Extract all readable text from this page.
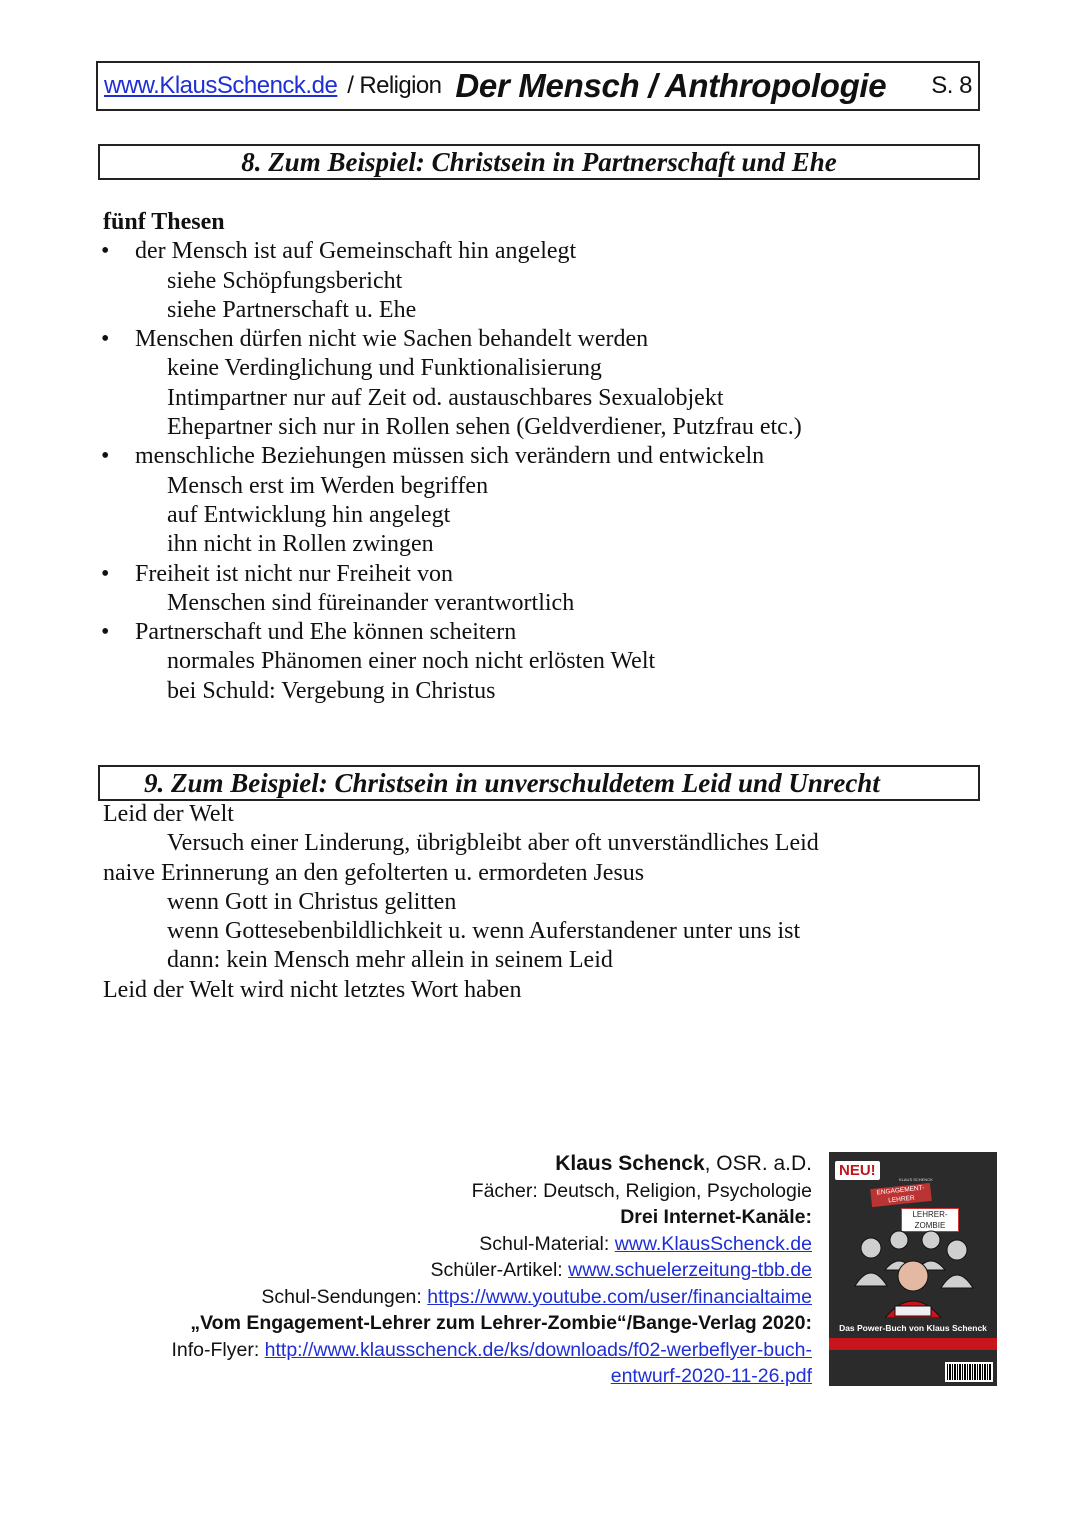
www.KlausSchenck.de / Religion Der Mensch / Anthropologie S. 8
8. Zum Beispiel: Christsein in Partnerschaft und Ehe
fünf Thesen
• der Mensch ist auf Gemeinschaft hin angelegt
siehe Schöpfungsbericht
siehe Partnerschaft u. Ehe
• Menschen dürfen nicht wie Sachen behandelt werden
keine Verdinglichung und Funktionalisierung
Intimpartner nur auf Zeit od. austauschbares Sexualobjekt
Ehepartner sich nur in Rollen sehen (Geldverdiener, Putzfrau etc.)
• menschliche Beziehungen müssen sich verändern und entwickeln
Mensch erst im Werden begriffen
auf Entwicklung hin angelegt
ihn nicht in Rollen zwingen
• Freiheit ist nicht nur Freiheit von
Menschen sind füreinander verantwortlich
• Partnerschaft und Ehe können scheitern
normales Phänomen einer noch nicht erlösten Welt
bei Schuld: Vergebung in Christus
9. Zum Beispiel: Christsein in unverschuldetem Leid und Unrecht
Leid der Welt
Versuch einer Linderung, übrigbleibt aber oft unverständliches Leid
naive Erinnerung an den gefolterten u. ermordeten Jesus
wenn Gott in Christus gelitten
wenn Gottesebenbildlichkeit u. wenn Auferstandener unter uns ist
dann: kein Mensch mehr allein in seinem Leid
Leid der Welt wird nicht letztes Wort haben
Klaus Schenck, OSR. a.D.
Fächer: Deutsch, Religion, Psychologie
Drei Internet-Kanäle:
Schul-Material: www.KlausSchenck.de
Schüler-Artikel: www.schuelerzeitung-tbb.de
Schul-Sendungen: https://www.youtube.com/user/financialtaime
„Vom Engagement-Lehrer zum Lehrer-Zombie“/Bange-Verlag 2020:
Info-Flyer: http://www.klausschenck.de/ks/downloads/f02-werbeflyer-buch-
entwurf-2020-11-26.pdf
NEU!
KLAUS SCHENCK
ENGAGEMENT-LEHRER
LEHRER-ZOMBIE
Das Power-Buch von Klaus Schenck
